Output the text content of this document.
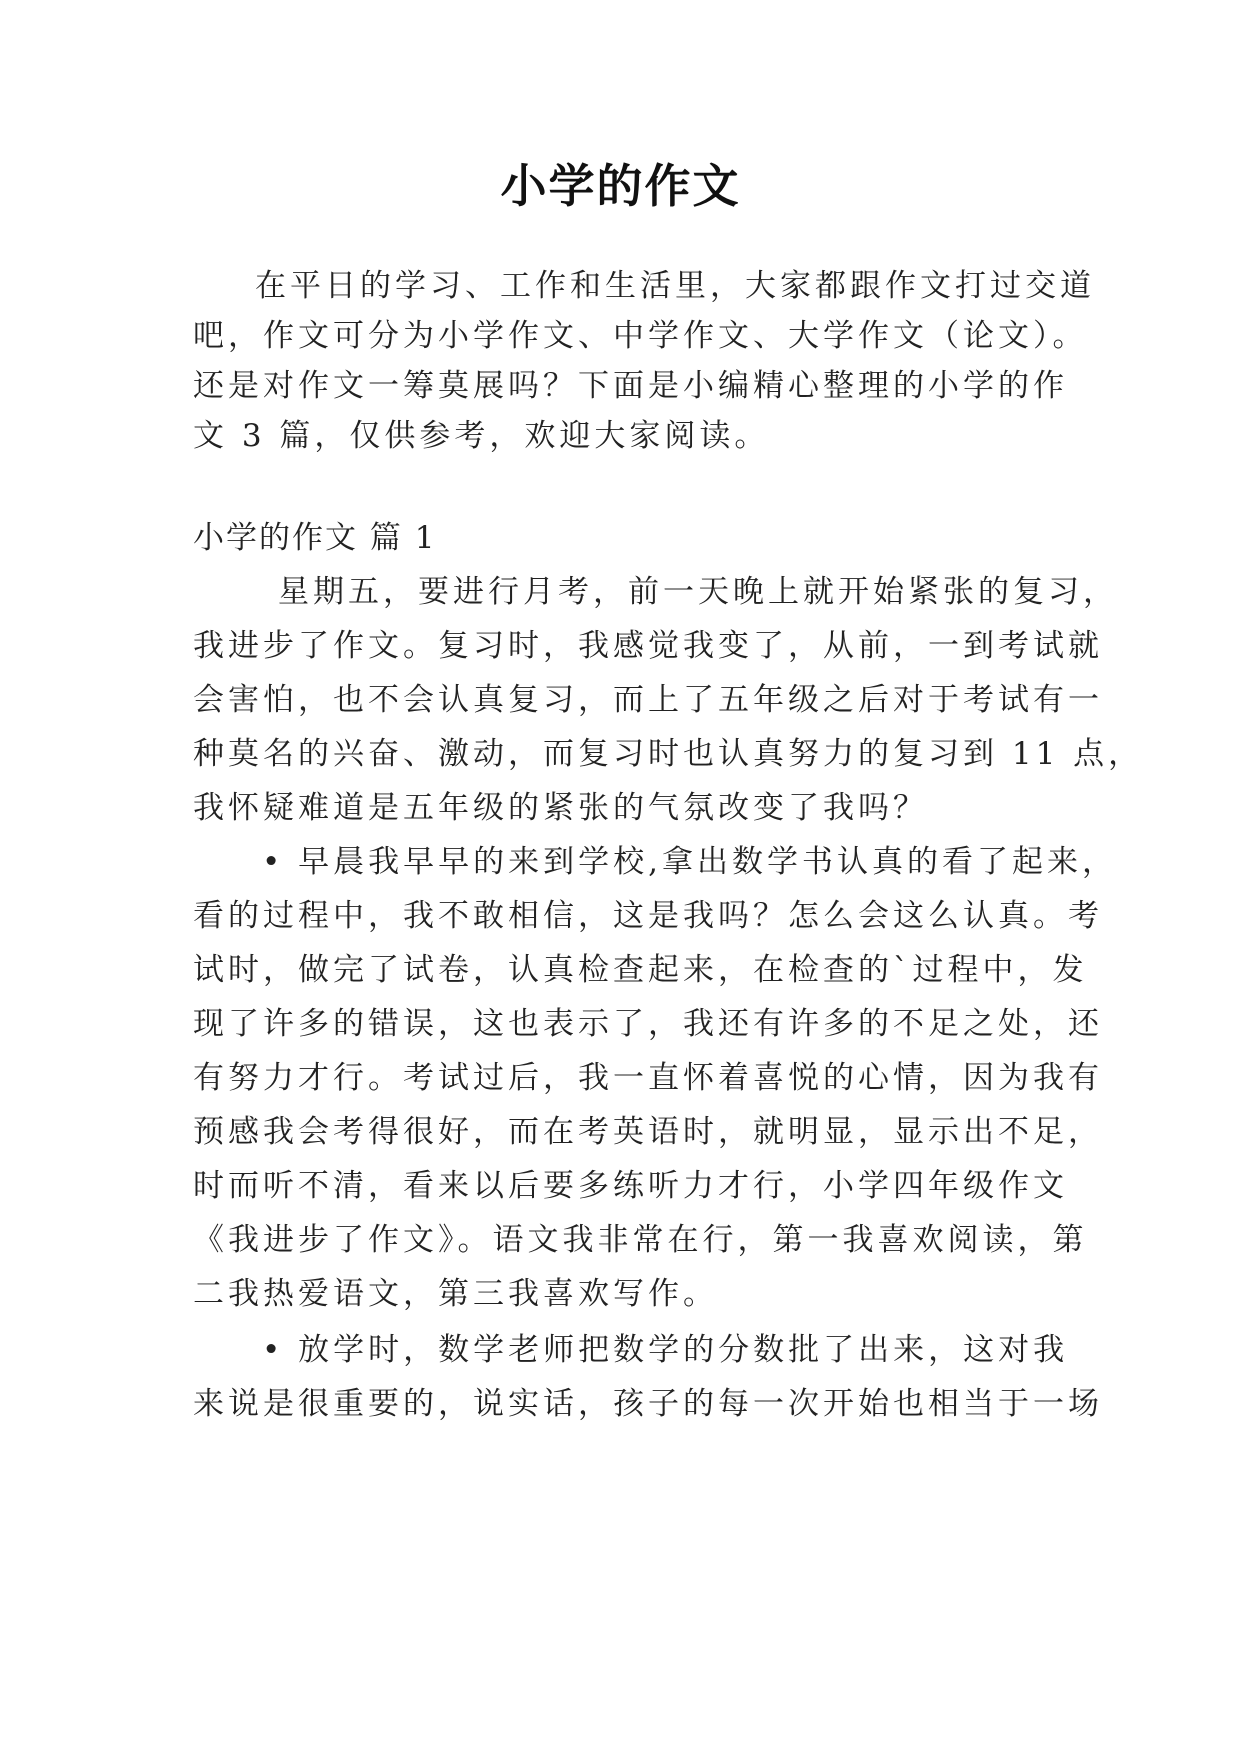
小学的作文

在平日的学习、工作和生活里，大家都跟作文打过交道

吧，作文可分为小学作文、中学作文、大学作文（论文）。

还是对作文一筹莫展吗？下面是小编精心整理的小学的作

文 3 篇，仅供参考，欢迎大家阅读。

小学的作文 篇 1

星期五，要进行月考，前一天晚上就开始紧张的复习，

我进步了作文。复习时，我感觉我变了，从前，一到考试就

会害怕，也不会认真复习，而上了五年级之后对于考试有一

种莫名的兴奋、激动，而复习时也认真努力的复习到 11 点，

我怀疑难道是五年级的紧张的气氛改变了我吗？

• 早晨我早早的来到学校,拿出数学书认真的看了起来，

看的过程中，我不敢相信，这是我吗？怎么会这么认真。考

试时，做完了试卷，认真检查起来，在检查的`过程中，发

现了许多的错误，这也表示了，我还有许多的不足之处，还

有努力才行。考试过后，我一直怀着喜悦的心情，因为我有

预感我会考得很好，而在考英语时，就明显，显示出不足，

时而听不清，看来以后要多练听力才行，小学四年级作文

《我进步了作文》。语文我非常在行，第一我喜欢阅读，第

二我热爱语文，第三我喜欢写作。

• 放学时，数学老师把数学的分数批了出来，这对我

来说是很重要的，说实话，孩子的每一次开始也相当于一场
